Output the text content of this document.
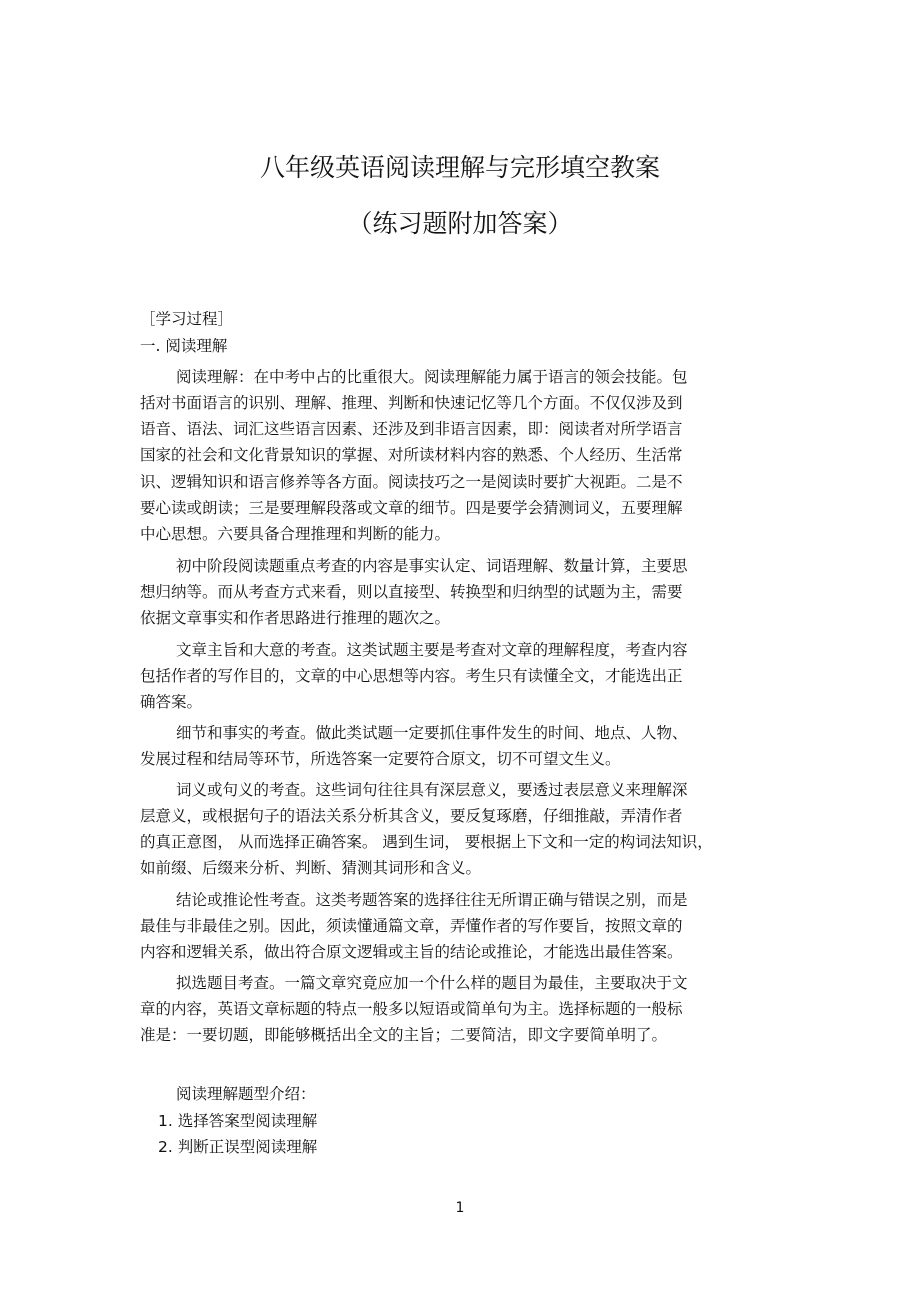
八年级英语阅读理解与完形填空教案
（练习题附加答案）
［学习过程］
一. 阅读理解
阅读理解：在中考中占的比重很大。阅读理解能力属于语言的领会技能。包
括对书面语言的识别、理解、推理、判断和快速记忆等几个方面。不仅仅涉及到
语音、语法、词汇这些语言因素、还涉及到非语言因素，即：阅读者对所学语言
国家的社会和文化背景知识的掌握、对所读材料内容的熟悉、个人经历、生活常
识、逻辑知识和语言修养等各方面。阅读技巧之一是阅读时要扩大视距。二是不
要心读或朗读；三是要理解段落或文章的细节。四是要学会猜测词义，五要理解
中心思想。六要具备合理推理和判断的能力。
初中阶段阅读题重点考查的内容是事实认定、词语理解、数量计算，主要思
想归纳等。而从考查方式来看，则以直接型、转换型和归纳型的试题为主，需要
依据文章事实和作者思路进行推理的题次之。
文章主旨和大意的考查。这类试题主要是考查对文章的理解程度，考查内容
包括作者的写作目的，文章的中心思想等内容。考生只有读懂全文，才能选出正
确答案。
细节和事实的考查。做此类试题一定要抓住事件发生的时间、地点、人物、
发展过程和结局等环节，所选答案一定要符合原文，切不可望文生义。
词义或句义的考查。这些词句往往具有深层意义，要透过表层意义来理解深
层意义，或根据句子的语法关系分析其含义，要反复琢磨，仔细推敲，弄清作者
的真正意图， 从而选择正确答案。 遇到生词， 要根据上下文和一定的构词法知识，
如前缀、后缀来分析、判断、猜测其词形和含义。
结论或推论性考查。这类考题答案的选择往往无所谓正确与错误之别，而是
最佳与非最佳之别。因此，须读懂通篇文章，弄懂作者的写作要旨，按照文章的
内容和逻辑关系，做出符合原文逻辑或主旨的结论或推论，才能选出最佳答案。
拟选题目考查。一篇文章究竟应加一个什么样的题目为最佳，主要取决于文
章的内容，英语文章标题的特点一般多以短语或简单句为主。选择标题的一般标
准是：一要切题，即能够概括出全文的主旨；二要简洁，即文字要简单明了。
阅读理解题型介绍：
1. 选择答案型阅读理解
2. 判断正误型阅读理解
1
